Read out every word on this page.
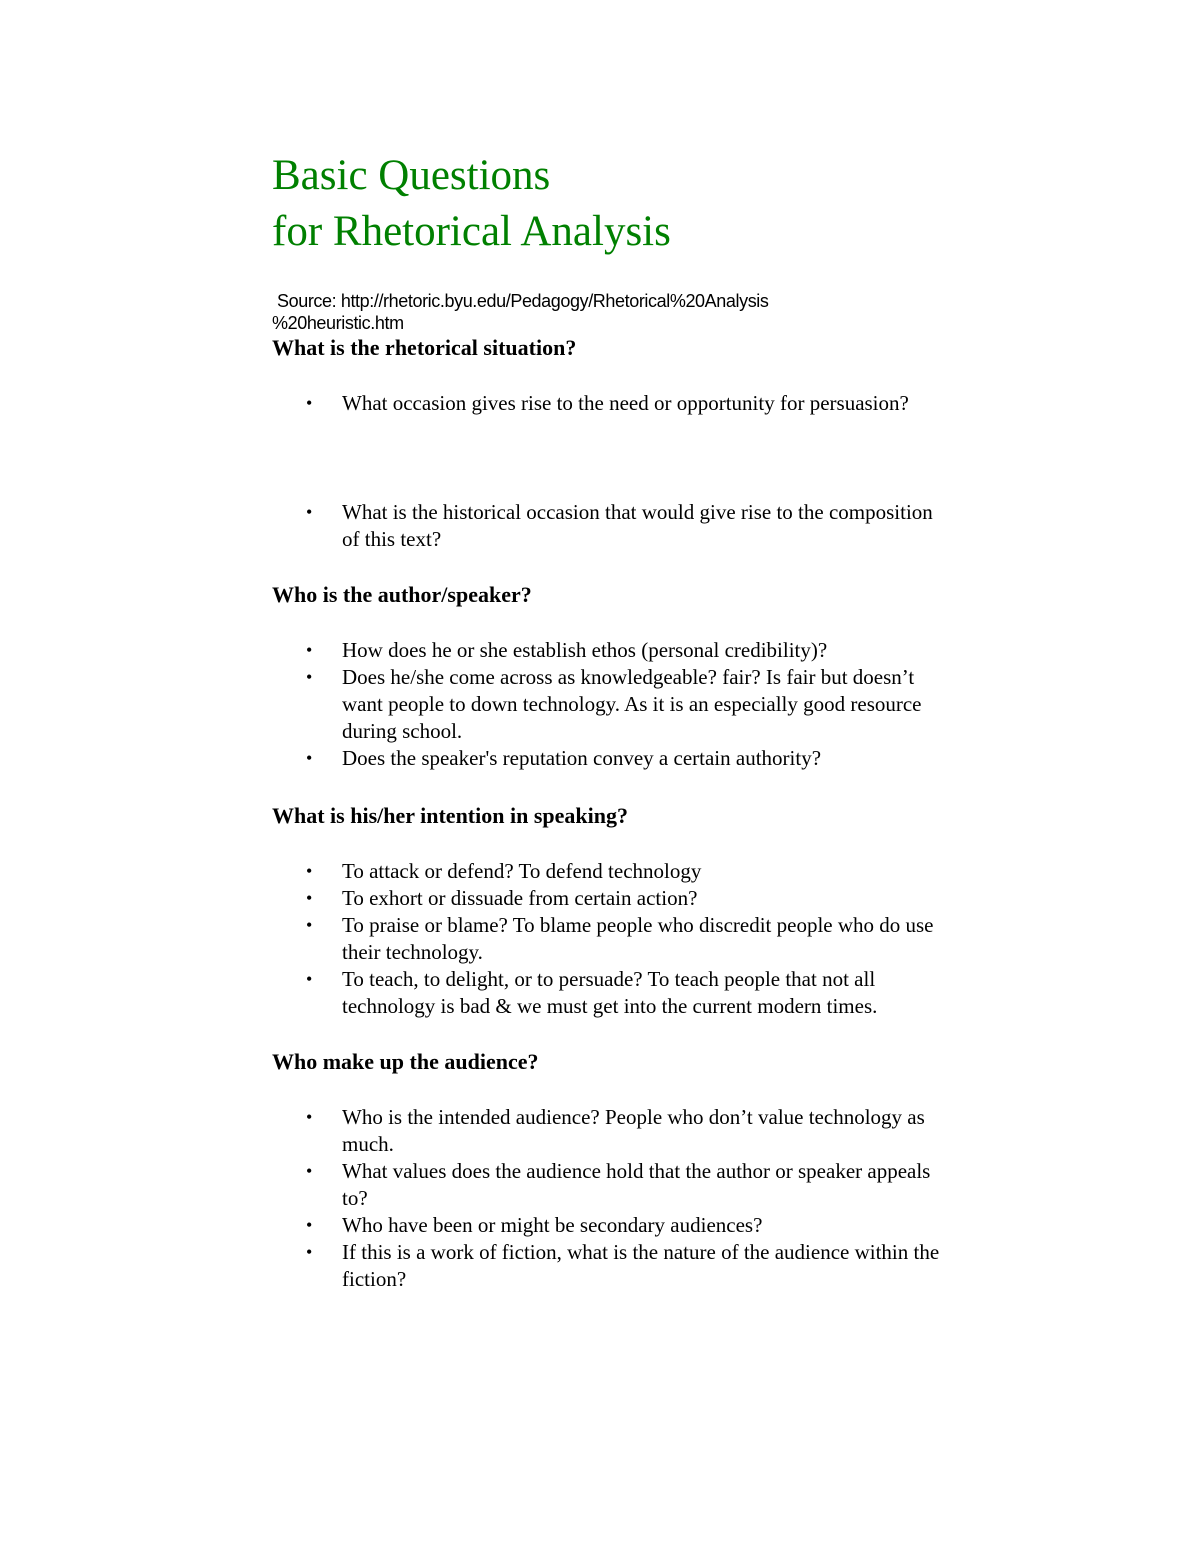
Basic Questions
for Rhetorical Analysis

Source: http://rhetoric.byu.edu/Pedagogy/Rhetorical%20Analysis
%20heuristic.htm

What is the rhetorical situation?
• What occasion gives rise to the need or opportunity for persuasion?
• What is the historical occasion that would give rise to the composition of this text?
Who is the author/speaker?
• How does he or she establish ethos (personal credibility)?
• Does he/she come across as knowledgeable? fair? Is fair but doesn’t want people to down technology. As it is an especially good resource during school.
• Does the speaker's reputation convey a certain authority?
What is his/her intention in speaking?
• To attack or defend? To defend technology
• To exhort or dissuade from certain action?
• To praise or blame? To blame people who discredit people who do use their technology.
• To teach, to delight, or to persuade? To teach people that not all technology is bad & we must get into the current modern times.
Who make up the audience?
• Who is the intended audience? People who don’t value technology as much.
• What values does the audience hold that the author or speaker appeals to?
• Who have been or might be secondary audiences?
• If this is a work of fiction, what is the nature of the audience within the fiction?
